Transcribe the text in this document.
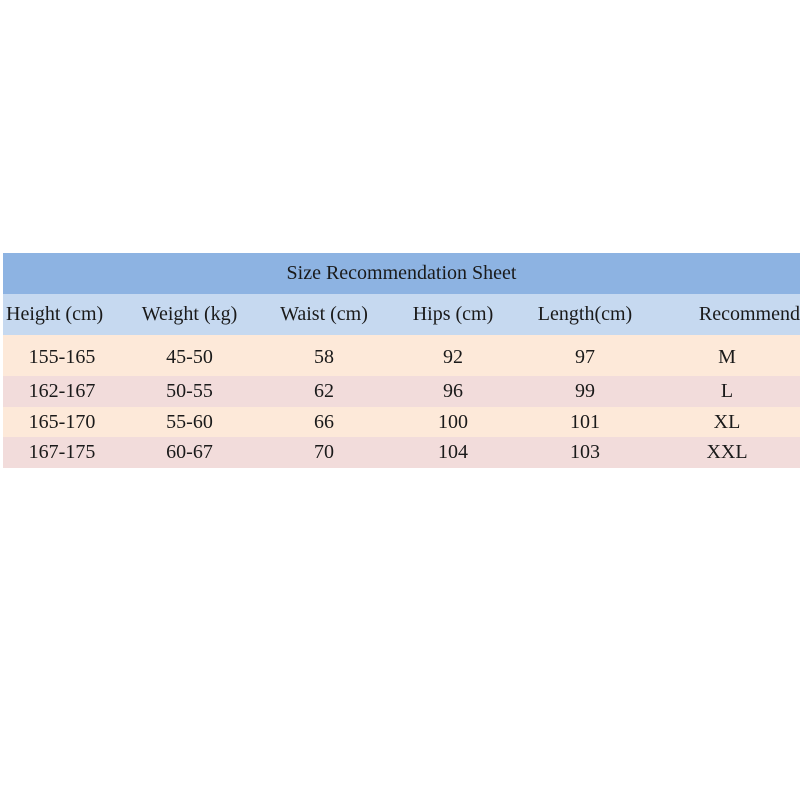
Size Recommendation Sheet
Height (cm)	Weight (kg)	Waist (cm)	Hips (cm)	Length(cm)	Recommend
155-165	45-50	58	92	97	M
162-167	50-55	62	96	99	L
165-170	55-60	66	100	101	XL
167-175	60-67	70	104	103	XXL
